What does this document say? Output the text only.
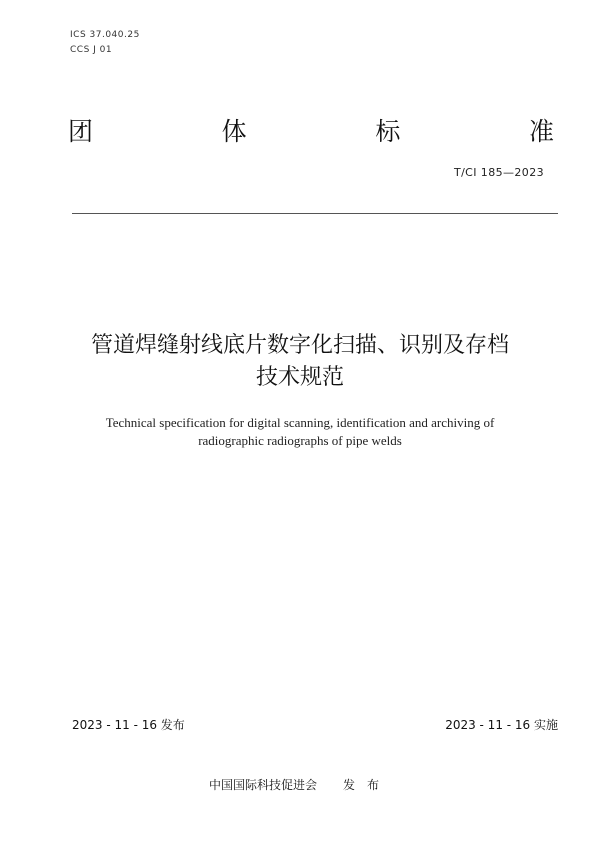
ICS 37.040.25
CCS J 01
团	体	标	准
T/CI 185—2023
管道焊缝射线底片数字化扫描、识别及存档
技术规范
Technical specification for digital scanning, identification and archiving of
radiographic radiographs of pipe welds
2023 - 11 - 16 发布	2023 - 11 - 16 实施
中国国际科技促进会 发布
